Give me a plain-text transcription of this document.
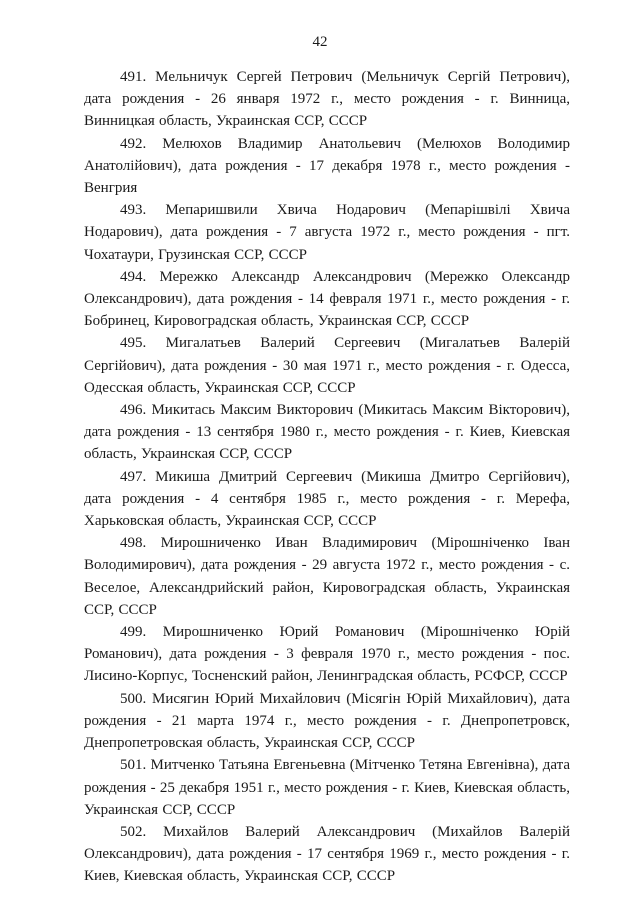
42

491. Мельничук Сергей Петрович (Мельничук Сергій Петрович), дата рождения - 26 января 1972 г., место рождения - г. Винница, Винницкая область, Украинская ССР, СССР

492. Мелюхов Владимир Анатольевич (Мелюхов Володимир Анатолійович), дата рождения - 17 декабря 1978 г., место рождения - Венгрия

493. Мепаришвили Хвича Нодарович (Мепарішвілі Хвича Нодарович), дата рождения - 7 августа 1972 г., место рождения - пгт. Чохатаури, Грузинская ССР, СССР

494. Мережко Александр Александрович (Мережко Олександр Олександрович), дата рождения - 14 февраля 1971 г., место рождения - г. Бобринец, Кировоградская область, Украинская ССР, СССР

495. Мигалатьев Валерий Сергеевич (Мигалатьев Валерій Сергійович), дата рождения - 30 мая 1971 г., место рождения - г. Одесса, Одесская область, Украинская ССР, СССР

496. Микитась Максим Викторович (Микитась Максим Вікторович), дата рождения - 13 сентября 1980 г., место рождения - г. Киев, Киевская область, Украинская ССР, СССР

497. Микиша Дмитрий Сергеевич (Микиша Дмитро Сергійович), дата рождения - 4 сентября 1985 г., место рождения - г. Мерефа, Харьковская область, Украинская ССР, СССР

498. Мирошниченко Иван Владимирович (Мірошніченко Іван Володимирович), дата рождения - 29 августа 1972 г., место рождения - с. Веселое, Александрийский район, Кировоградская область, Украинская ССР, СССР

499. Мирошниченко Юрий Романович (Мірошніченко Юрій Романович), дата рождения - 3 февраля 1970 г., место рождения - пос. Лисино-Корпус, Тосненский район, Ленинградская область, РСФСР, СССР

500. Мисягин Юрий Михайлович (Місягін Юрій Михайлович), дата рождения - 21 марта 1974 г., место рождения - г. Днепропетровск, Днепропетровская область, Украинская ССР, СССР

501. Митченко Татьяна Евгеньевна (Мітченко Тетяна Евгенівна), дата рождения - 25 декабря 1951 г., место рождения - г. Киев, Киевская область, Украинская ССР, СССР

502. Михайлов Валерий Александрович (Михайлов Валерій Олександрович), дата рождения - 17 сентября 1969 г., место рождения - г. Киев, Киевская область, Украинская ССР, СССР
